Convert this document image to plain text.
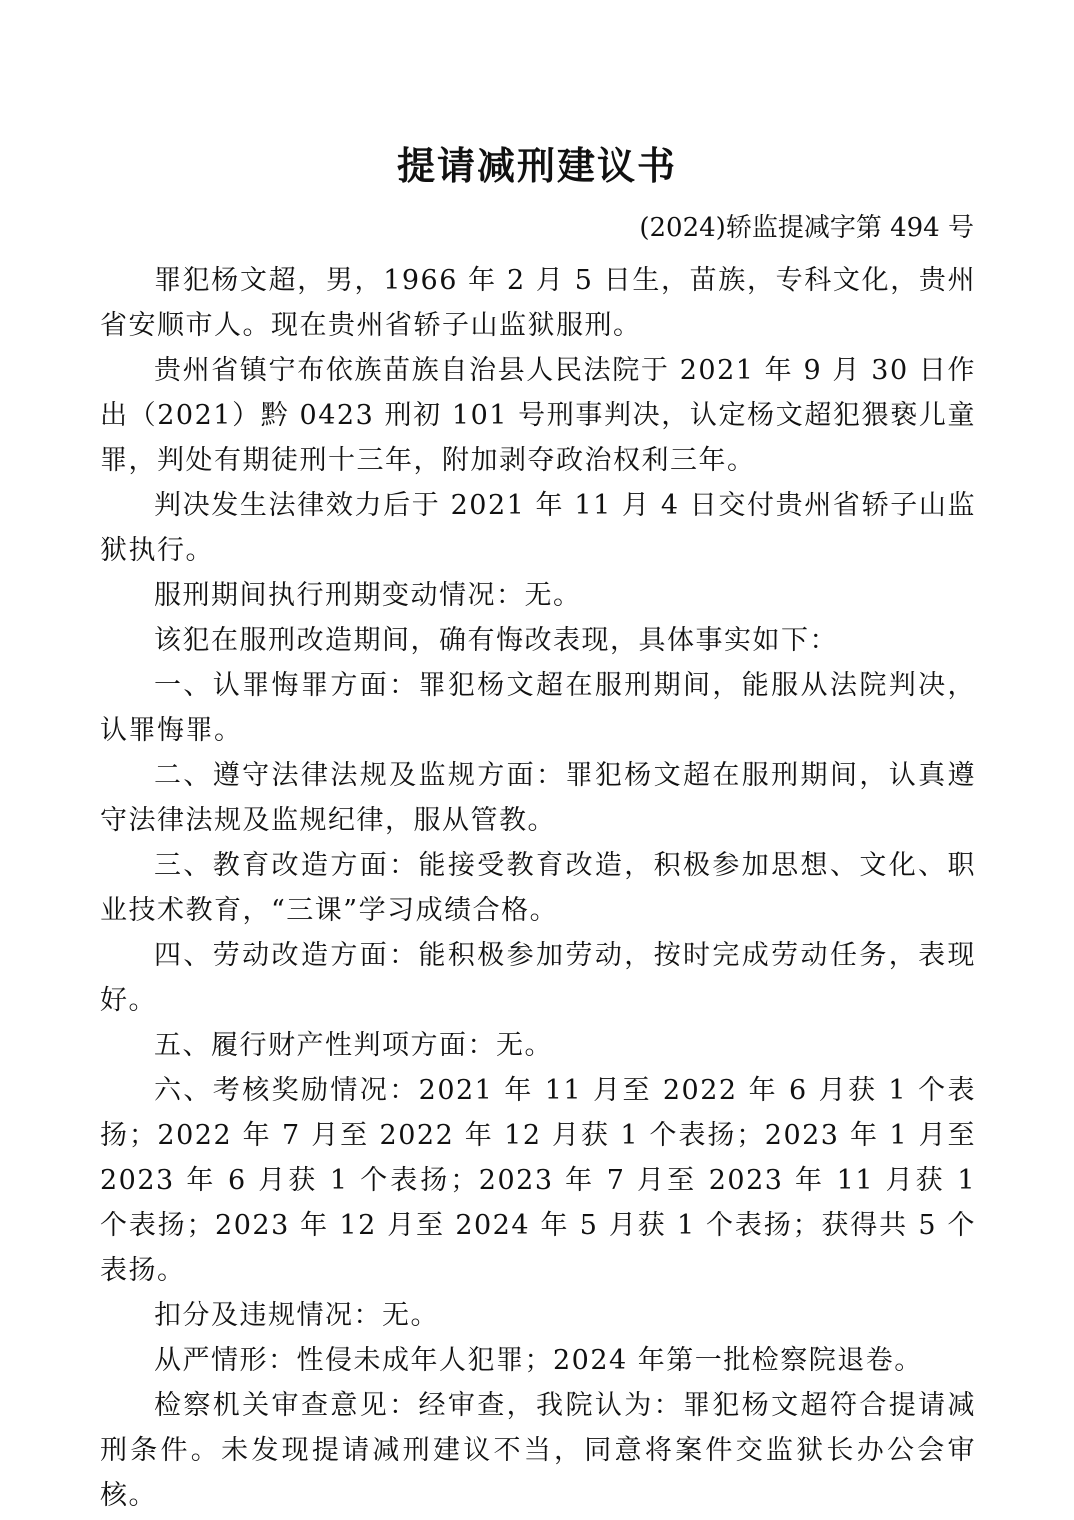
提请减刑建议书
(2024)轿监提减字第 494 号

罪犯杨文超，男，1966 年 2 月 5 日生，苗族，专科文化，贵州省安顺市人。现在贵州省轿子山监狱服刑。

贵州省镇宁布依族苗族自治县人民法院于 2021 年 9 月 30 日作出（2021）黔 0423 刑初 101 号刑事判决，认定杨文超犯猥亵儿童罪，判处有期徒刑十三年，附加剥夺政治权利三年。

判决发生法律效力后于 2021 年 11 月 4 日交付贵州省轿子山监狱执行。

服刑期间执行刑期变动情况：无。

该犯在服刑改造期间，确有悔改表现，具体事实如下：

一、认罪悔罪方面：罪犯杨文超在服刑期间，能服从法院判决，认罪悔罪。

二、遵守法律法规及监规方面：罪犯杨文超在服刑期间，认真遵守法律法规及监规纪律，服从管教。

三、教育改造方面：能接受教育改造，积极参加思想、文化、职业技术教育，“三课”学习成绩合格。

四、劳动改造方面：能积极参加劳动，按时完成劳动任务，表现好。

五、履行财产性判项方面：无。

六、考核奖励情况：2021 年 11 月至 2022 年 6 月获 1 个表扬；2022 年 7 月至 2022 年 12 月获 1 个表扬；2023 年 1 月至 2023 年 6 月获 1 个表扬；2023 年 7 月至 2023 年 11 月获 1 个表扬；2023 年 12 月至 2024 年 5 月获 1 个表扬；获得共 5 个表扬。

扣分及违规情况：无。

从严情形：性侵未成年人犯罪；2024 年第一批检察院退卷。

检察机关审查意见：经审查，我院认为：罪犯杨文超符合提请减刑条件。未发现提请减刑建议不当，同意将案件交监狱长办公会审核。
